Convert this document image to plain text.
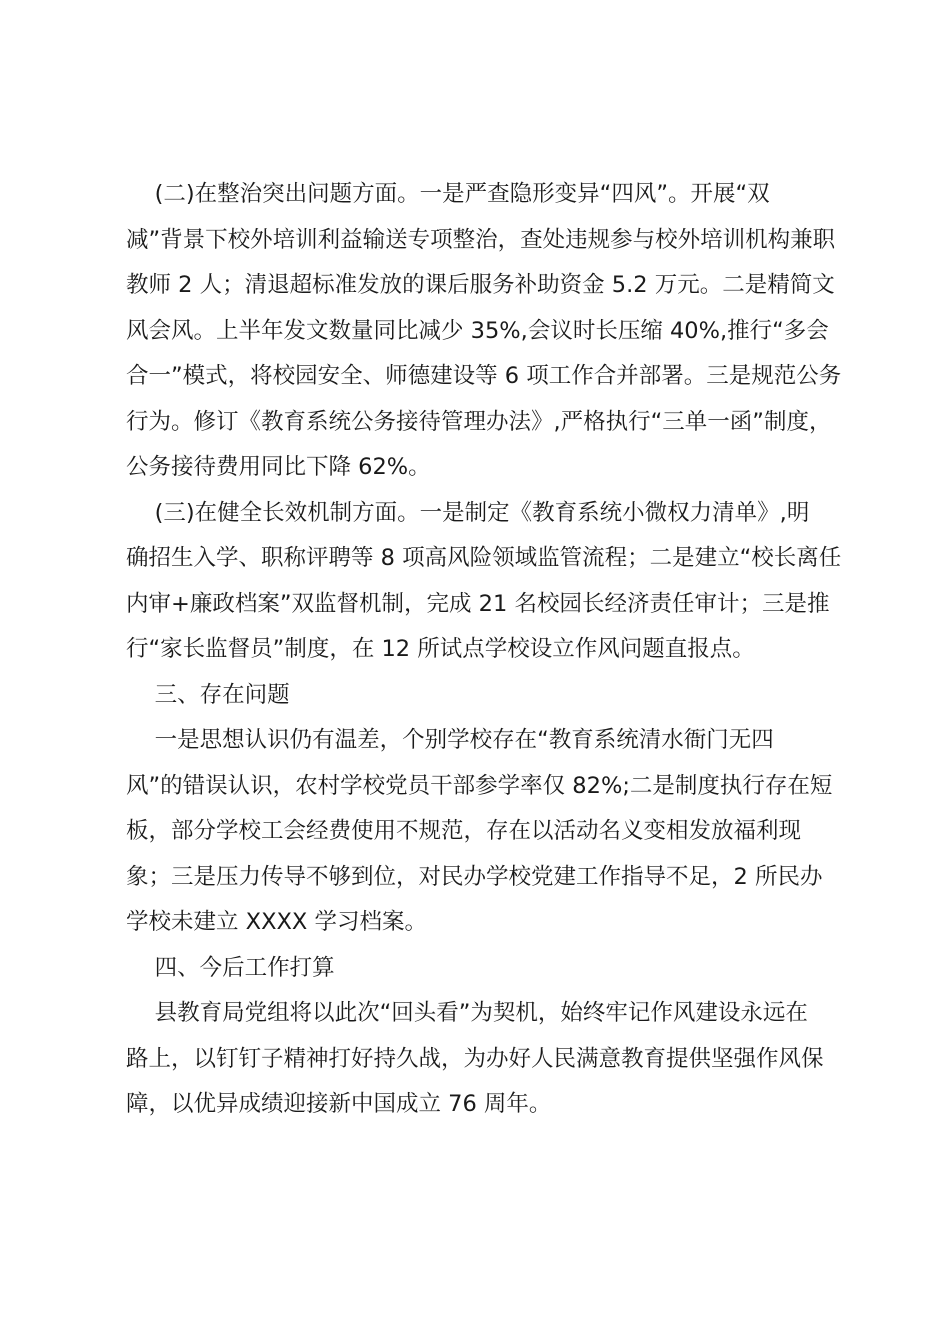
(二)在整治突出问题方面。一是严查隐形变异“四风”。开展“双
减”背景下校外培训利益输送专项整治，查处违规参与校外培训机构兼职
教师 2 人；清退超标准发放的课后服务补助资金 5.2 万元。二是精简文
风会风。上半年发文数量同比减少 35%,会议时长压缩 40%,推行“多会
合一”模式，将校园安全、师德建设等 6 项工作合并部署。三是规范公务
行为。修订《教育系统公务接待管理办法》,严格执行“三单一函”制度，
公务接待费用同比下降 62%。
(三)在健全长效机制方面。一是制定《教育系统小微权力清单》,明
确招生入学、职称评聘等 8 项高风险领域监管流程；二是建立“校长离任
内审+廉政档案”双监督机制，完成 21 名校园长经济责任审计；三是推
行“家长监督员”制度，在 12 所试点学校设立作风问题直报点。
三、存在问题
一是思想认识仍有温差，个别学校存在“教育系统清水衙门无四
风”的错误认识，农村学校党员干部参学率仅 82%;二是制度执行存在短
板，部分学校工会经费使用不规范，存在以活动名义变相发放福利现
象；三是压力传导不够到位，对民办学校党建工作指导不足，2 所民办
学校未建立 XXXX 学习档案。
四、今后工作打算
县教育局党组将以此次“回头看”为契机，始终牢记作风建设永远在
路上，以钉钉子精神打好持久战，为办好人民满意教育提供坚强作风保
障，以优异成绩迎接新中国成立 76 周年。
